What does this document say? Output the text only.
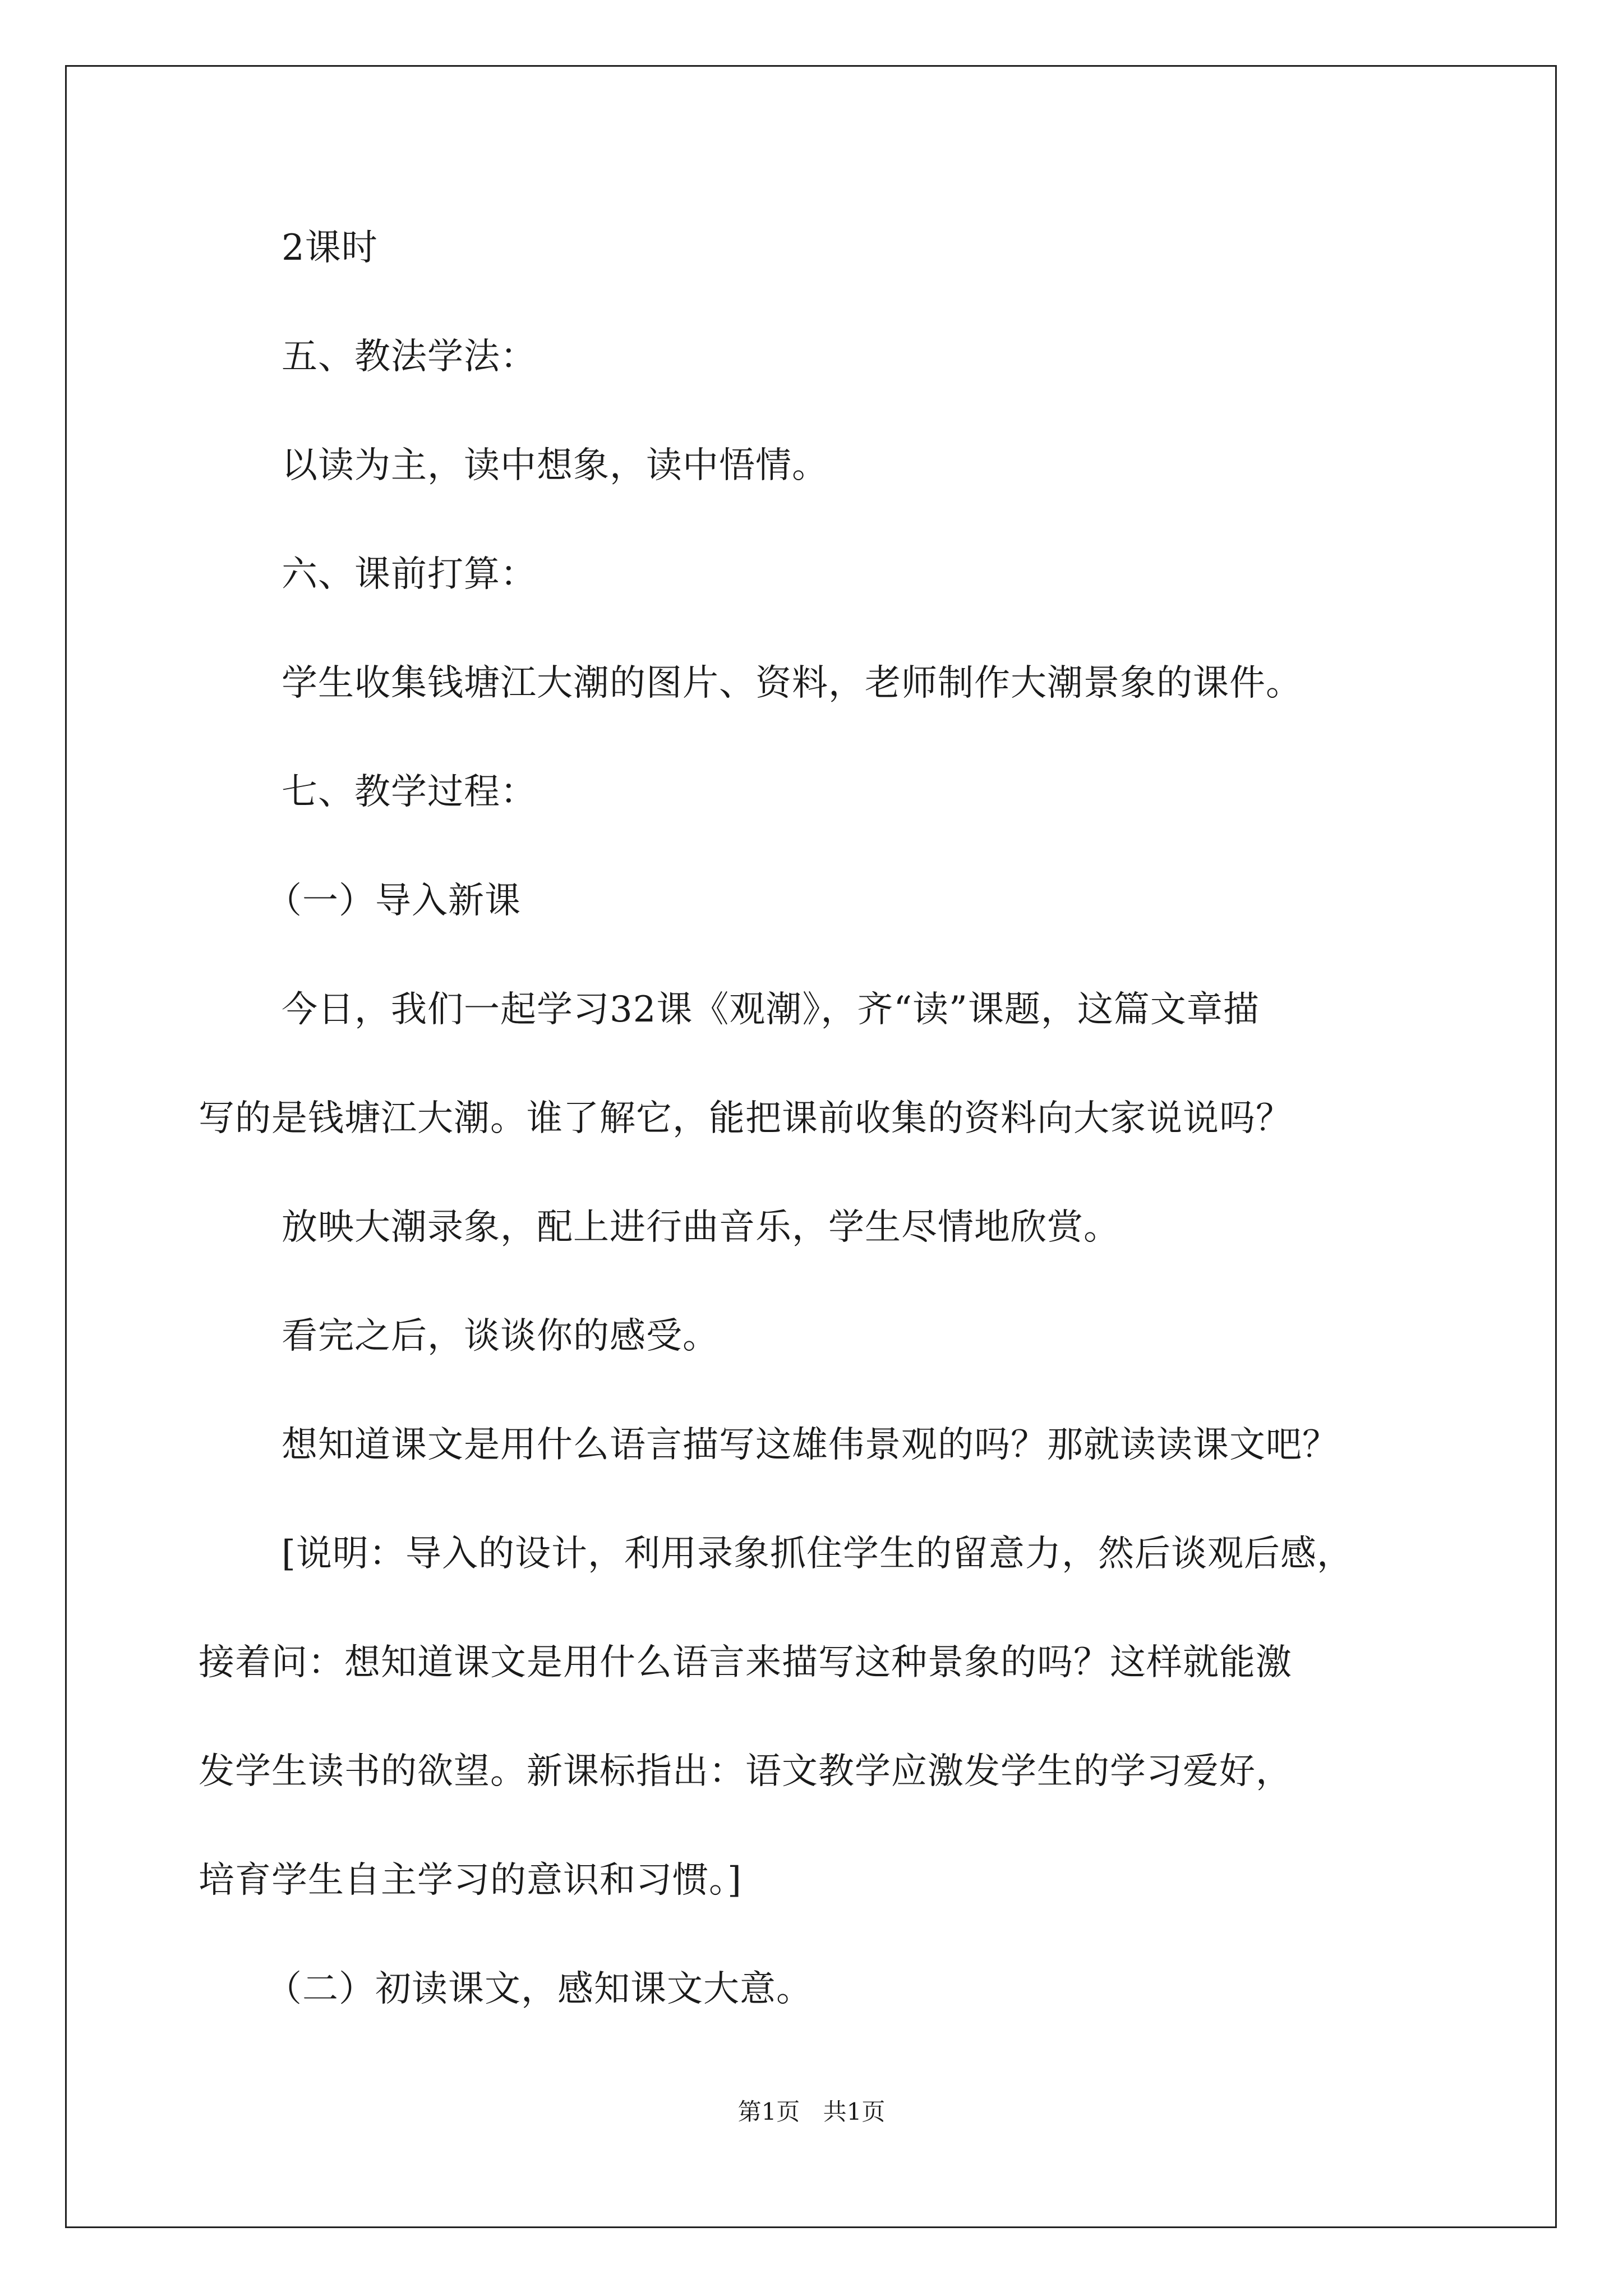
2课时
五、教法学法：
以读为主，读中想象，读中悟情。
六、课前打算：
学生收集钱塘江大潮的图片、资料，老师制作大潮景象的课件。
七、教学过程：
（一）导入新课
今日，我们一起学习32课《观潮》，齐“读”课题，这篇文章描
写的是钱塘江大潮。谁了解它，能把课前收集的资料向大家说说吗？
放映大潮录象，配上进行曲音乐，学生尽情地欣赏。
看完之后，谈谈你的感受。
想知道课文是用什么语言描写这雄伟景观的吗？那就读读课文吧？
[说明：导入的设计，利用录象抓住学生的留意力，然后谈观后感，
接着问：想知道课文是用什么语言来描写这种景象的吗？这样就能激
发学生读书的欲望。新课标指出：语文教学应激发学生的学习爱好，
培育学生自主学习的意识和习惯。]
（二）初读课文，感知课文大意。
第1页 共1页
